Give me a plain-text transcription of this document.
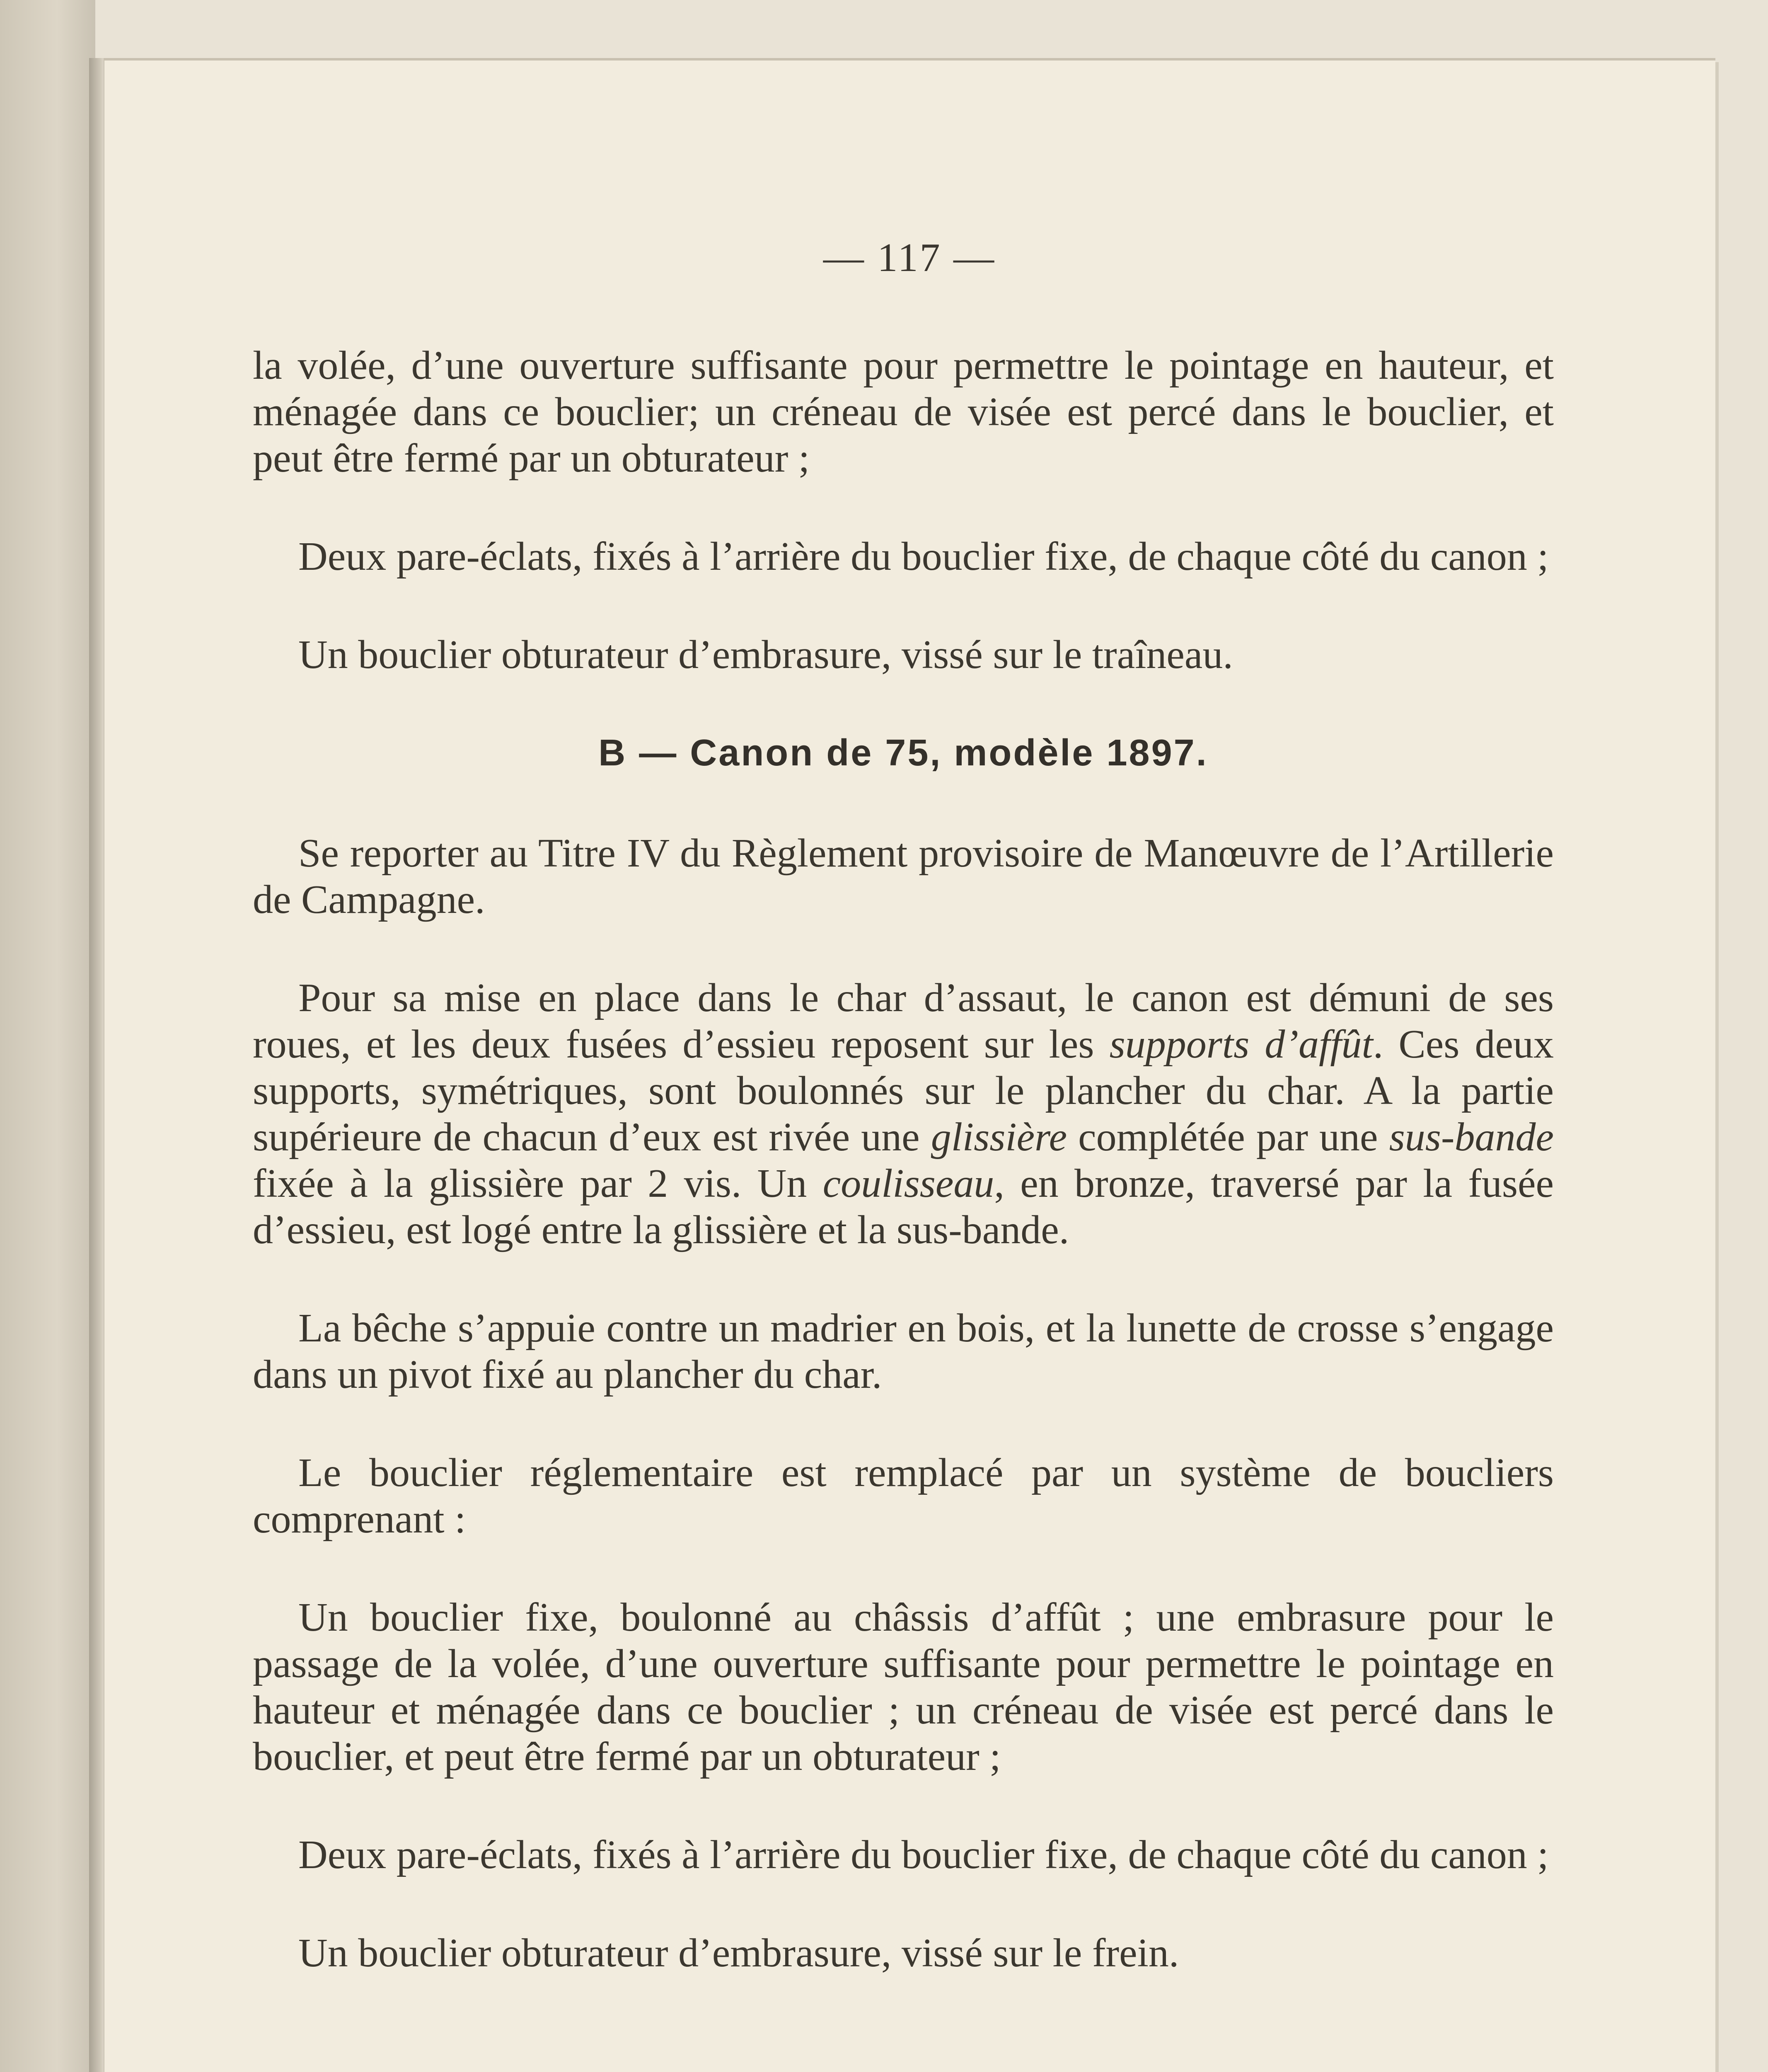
— 117 —

la volée, d’une ouverture suffisante pour permettre le pointage en hauteur, et ménagée dans ce bouclier; un créneau de visée est percé dans le bouclier, et peut être fermé par un obturateur ;

Deux pare-éclats, fixés à l’arrière du bouclier fixe, de chaque côté du canon ;

Un bouclier obturateur d’embrasure, vissé sur le traîneau.

B — Canon de 75, modèle 1897.

Se reporter au Titre IV du Règlement provisoire de Manœuvre de l’Artillerie de Campagne.

Pour sa mise en place dans le char d’assaut, le canon est démuni de ses roues, et les deux fusées d’essieu reposent sur les supports d’affût. Ces deux supports, symétriques, sont boulonnés sur le plancher du char. A la partie supérieure de chacun d’eux est rivée une glissière complétée par une sus-bande fixée à la glissière par 2 vis. Un coulisseau, en bronze, traversé par la fusée d’essieu, est logé entre la glissière et la sus-bande.

La bêche s’appuie contre un madrier en bois, et la lunette de crosse s’engage dans un pivot fixé au plancher du char.

Le bouclier réglementaire est remplacé par un système de boucliers comprenant :

Un bouclier fixe, boulonné au châssis d’affût ; une embrasure pour le passage de la volée, d’une ouverture suffisante pour permettre le pointage en hauteur et ménagée dans ce bouclier ; un créneau de visée est percé dans le bouclier, et peut être fermé par un obturateur ;

Deux pare-éclats, fixés à l’arrière du bouclier fixe, de chaque côté du canon ;

Un bouclier obturateur d’embrasure, vissé sur le frein.
